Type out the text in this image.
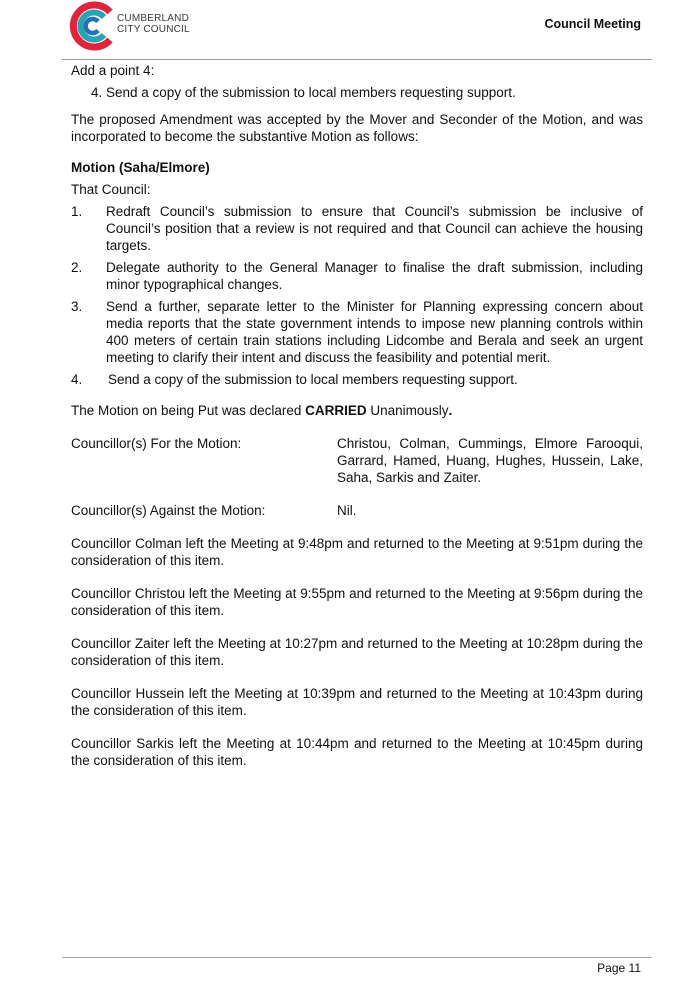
CUMBERLAND
CITY COUNCIL	Council Meeting

Add a point 4:

4. Send a copy of the submission to local members requesting support.

The proposed Amendment was accepted by the Mover and Seconder of the Motion, and was incorporated to become the substantive Motion as follows:

Motion (Saha/Elmore)

That Council:

1.	Redraft Council’s submission to ensure that Council’s submission be inclusive of Council’s position that a review is not required and that Council can achieve the housing targets.
2.	Delegate authority to the General Manager to finalise the draft submission, including minor typographical changes.
3.	Send a further, separate letter to the Minister for Planning expressing concern about media reports that the state government intends to impose new planning controls within 400 meters of certain train stations including Lidcombe and Berala and seek an urgent meeting to clarify their intent and discuss the feasibility and potential merit.
4.	Send a copy of the submission to local members requesting support.

The Motion on being Put was declared CARRIED Unanimously.

Councillor(s) For the Motion:	Christou, Colman, Cummings, Elmore Farooqui, Garrard, Hamed, Huang, Hughes, Hussein, Lake, Saha, Sarkis and Zaiter.
Councillor(s) Against the Motion:	Nil.

Councillor Colman left the Meeting at 9:48pm and returned to the Meeting at 9:51pm during the consideration of this item.

Councillor Christou left the Meeting at 9:55pm and returned to the Meeting at 9:56pm during the consideration of this item.

Councillor Zaiter left the Meeting at 10:27pm and returned to the Meeting at 10:28pm during the consideration of this item.

Councillor Hussein left the Meeting at 10:39pm and returned to the Meeting at 10:43pm during the consideration of this item.

Councillor Sarkis left the Meeting at 10:44pm and returned to the Meeting at 10:45pm during the consideration of this item.

Page 11
